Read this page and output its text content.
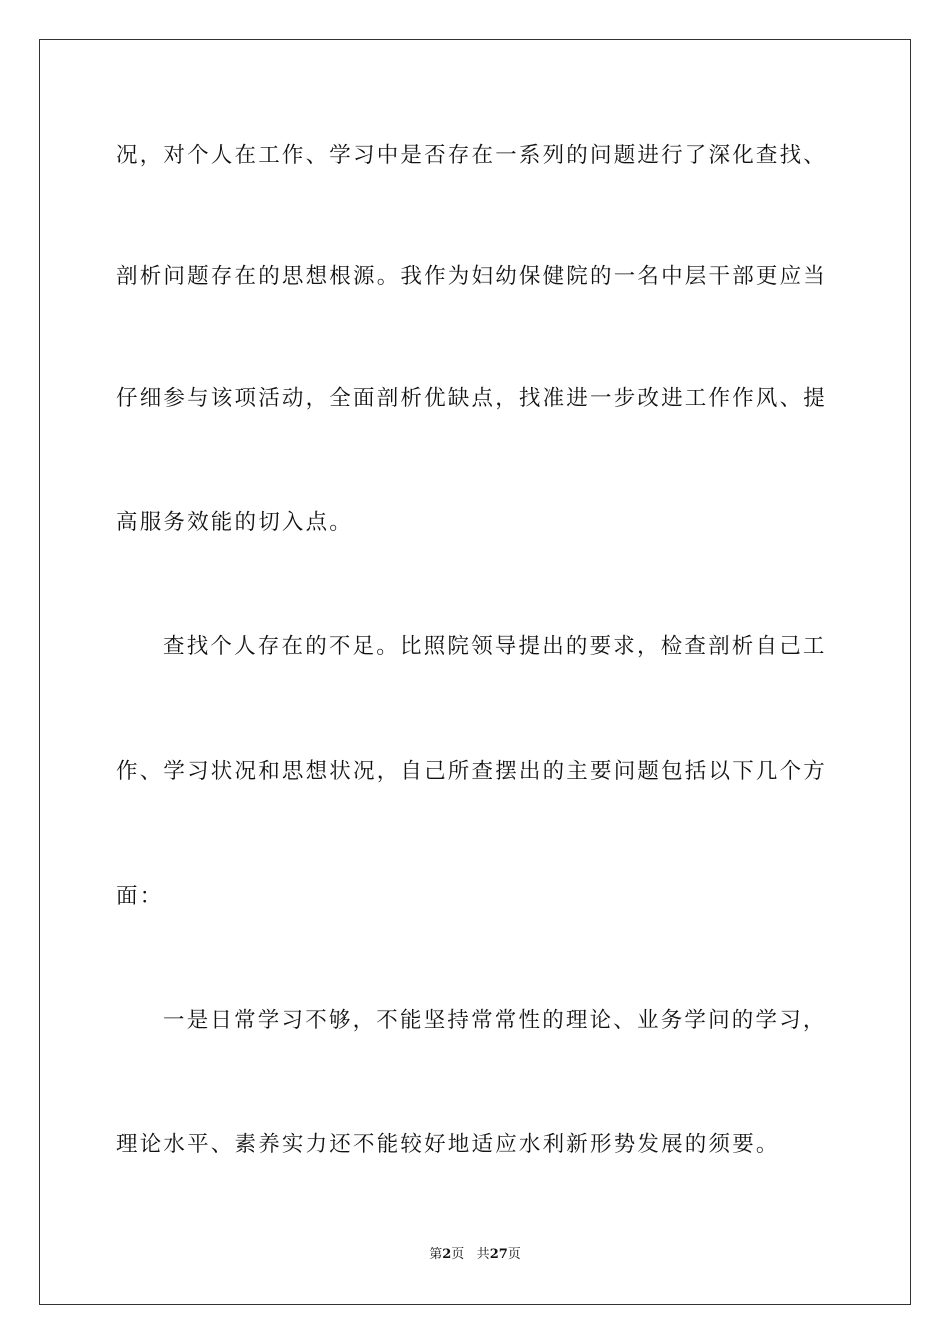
况，对个人在工作、学习中是否存在一系列的问题进行了深化查找、
剖析问题存在的思想根源。我作为妇幼保健院的一名中层干部更应当
仔细参与该项活动，全面剖析优缺点，找准进一步改进工作作风、提
高服务效能的切入点。
查找个人存在的不足。比照院领导提出的要求，检查剖析自己工
作、学习状况和思想状况，自己所查摆出的主要问题包括以下几个方
面：
一是日常学习不够，不能坚持常常性的理论、业务学问的学习，
理论水平、素养实力还不能较好地适应水利新形势发展的须要。
第2页 共27页
